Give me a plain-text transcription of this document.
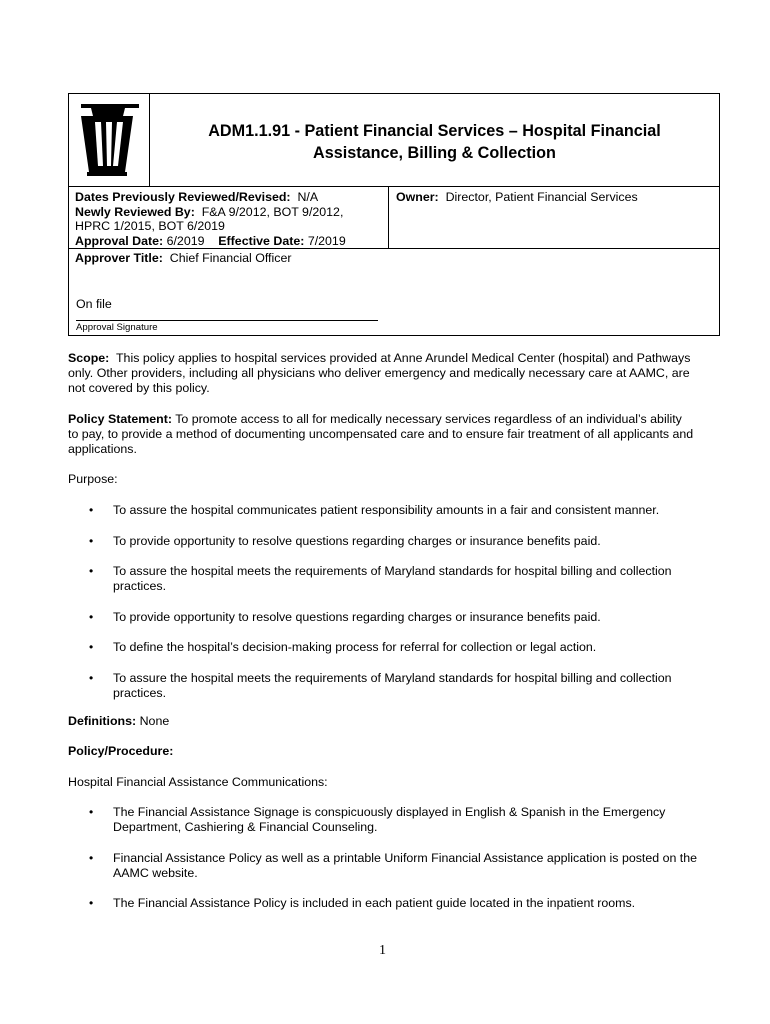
ADM1.1.91 - Patient Financial Services – Hospital Financial
Assistance, Billing & Collection
Dates Previously Reviewed/Revised: N/A
Newly Reviewed By: F&A 9/2012, BOT 9/2012,
HPRC 1/2015, BOT 6/2019
Approval Date: 6/2019 Effective Date: 7/2019
Owner: Director, Patient Financial Services
Approver Title: Chief Financial Officer
On file
Approval Signature
Scope: This policy applies to hospital services provided at Anne Arundel Medical Center (hospital) and Pathways
only. Other providers, including all physicians who deliver emergency and medically necessary care at AAMC, are
not covered by this policy.
Policy Statement: To promote access to all for medically necessary services regardless of an individual’s ability
to pay, to provide a method of documenting uncompensated care and to ensure fair treatment of all applicants and
applications.
Purpose:
• To assure the hospital communicates patient responsibility amounts in a fair and consistent manner.
• To provide opportunity to resolve questions regarding charges or insurance benefits paid.
• To assure the hospital meets the requirements of Maryland standards for hospital billing and collection
practices.
• To provide opportunity to resolve questions regarding charges or insurance benefits paid.
• To define the hospital’s decision-making process for referral for collection or legal action.
• To assure the hospital meets the requirements of Maryland standards for hospital billing and collection
practices.
Definitions: None
Policy/Procedure:
Hospital Financial Assistance Communications:
• The Financial Assistance Signage is conspicuously displayed in English & Spanish in the Emergency
Department, Cashiering & Financial Counseling.
• Financial Assistance Policy as well as a printable Uniform Financial Assistance application is posted on the
AAMC website.
• The Financial Assistance Policy is included in each patient guide located in the inpatient rooms.
1
